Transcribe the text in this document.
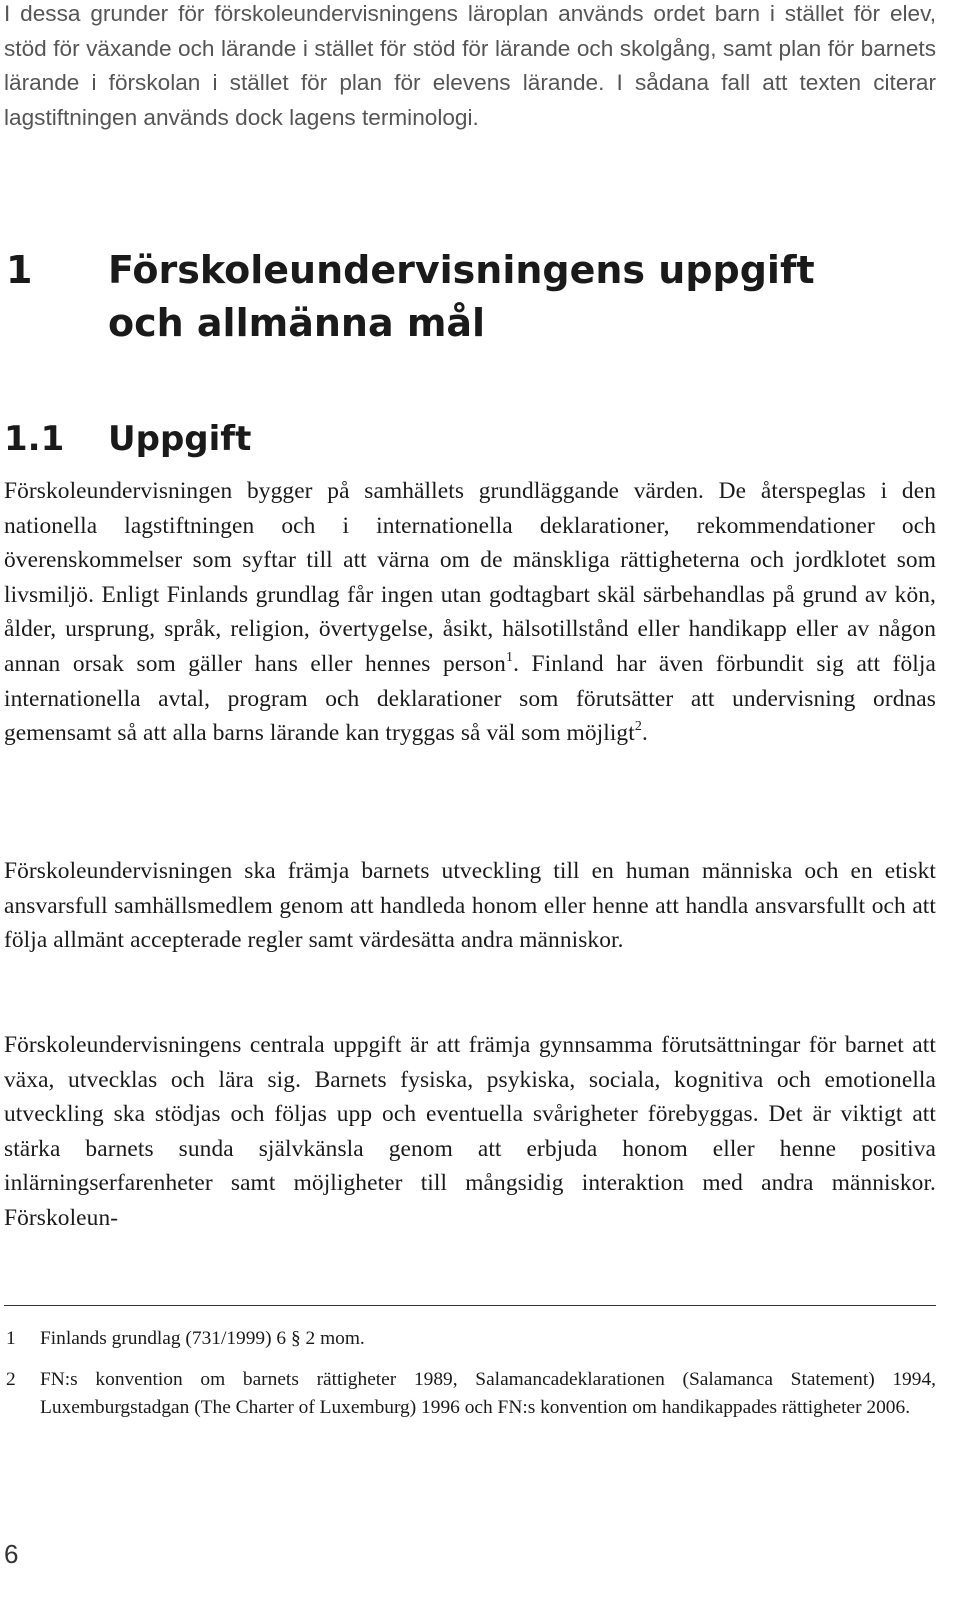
I dessa grunder för förskoleundervisningens läroplan används ordet barn i stället för elev, stöd för växande och lärande i stället för stöd för lärande och skolgång, samt plan för barnets lärande i förskolan i stället för plan för elevens lärande. I sådana fall att texten citerar lagstiftningen används dock lagens terminologi.

1 Förskoleundervisningens uppgift och allmänna mål
1.1 Uppgift

Förskoleundervisningen bygger på samhällets grundläggande värden. De återspeglas i den nationella lagstiftningen och i internationella deklarationer, rekommendationer och överenskommelser som syftar till att värna om de mänskliga rättigheterna och jordklotet som livsmiljö. Enligt Finlands grundlag får ingen utan godtagbart skäl särbehandlas på grund av kön, ålder, ursprung, språk, religion, övertygelse, åsikt, hälsotillstånd eller handikapp eller av någon annan orsak som gäller hans eller hennes person$^1$. Finland har även förbundit sig att följa internationella avtal, program och deklarationer som förutsätter att undervisning ordnas gemensamt så att alla barns lärande kan tryggas så väl som möjligt$^2$.

Förskoleundervisningen ska främja barnets utveckling till en human människa och en etiskt ansvarsfull samhällsmedlem genom att handleda honom eller henne att handla ansvarsfullt och att följa allmänt accepterade regler samt värdesätta andra människor.

Förskoleundervisningens centrala uppgift är att främja gynnsamma förutsättningar för barnet att växa, utvecklas och lära sig. Barnets fysiska, psykiska, sociala, kognitiva och emotionella utveckling ska stödjas och följas upp och eventuella svårigheter förebyggas. Det är viktigt att stärka barnets sunda självkänsla genom att erbjuda honom eller henne positiva inlärningserfarenheter samt möjligheter till mångsidig interaktion med andra människor. Förskoleun-

1 Finlands grundlag (731/1999) 6 § 2 mom.

2 FN:s konvention om barnets rättigheter 1989, Salamancadeklarationen (Salamanca Statement) 1994, Luxemburgstadgan (The Charter of Luxemburg) 1996 och FN:s konvention om handikappades rättigheter 2006.

6
